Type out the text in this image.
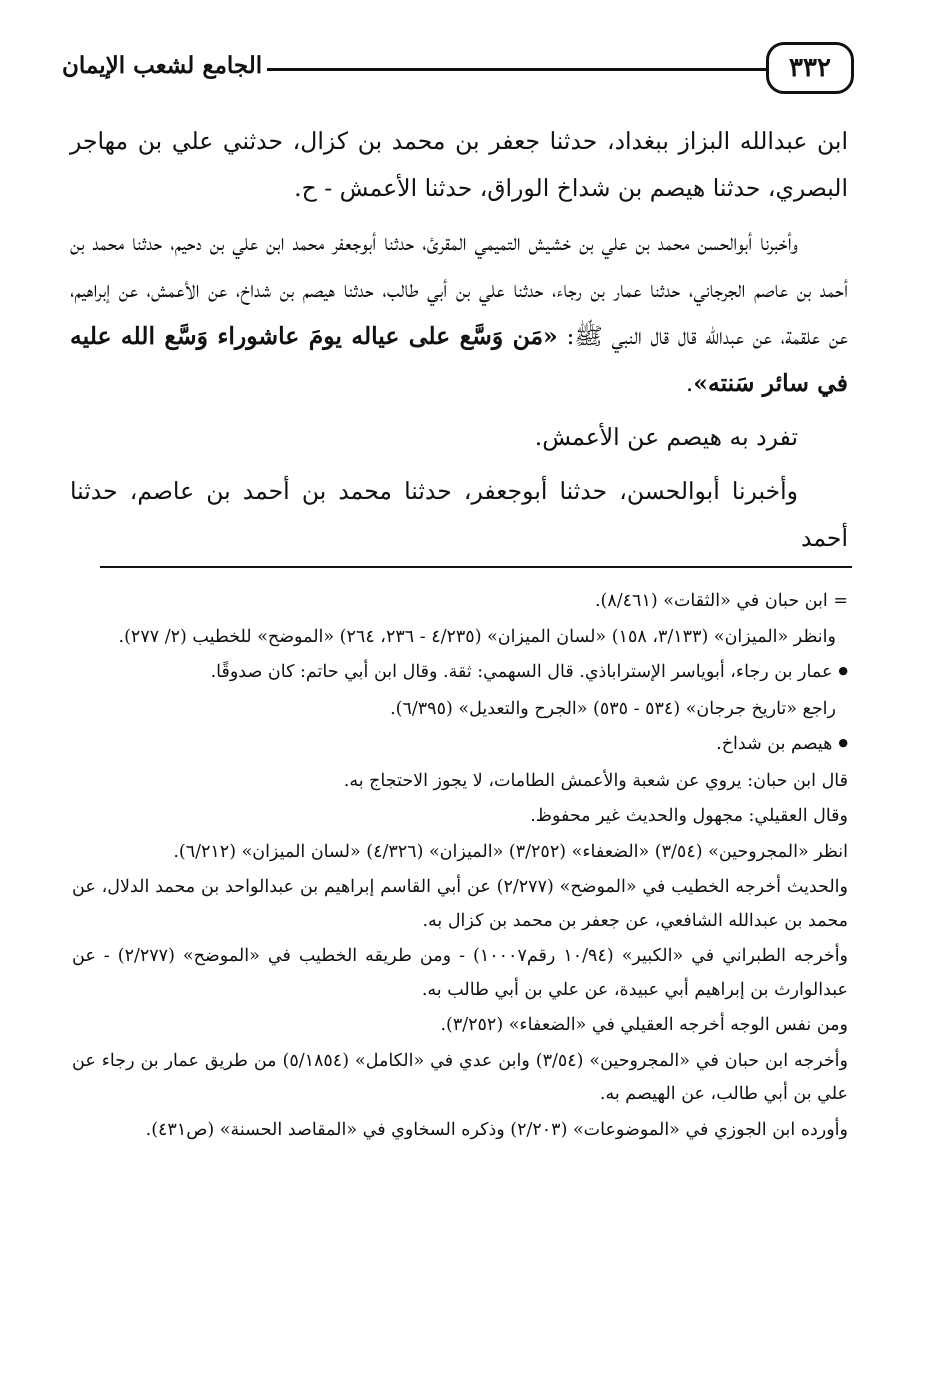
٣٣٢
الجامع لشعب الإيمان

ابن عبدالله البزاز ببغداد، حدثنا جعفر بن محمد بن كزال، حدثني علي بن مهاجر البصري، حدثنا هيصم بن شداخ الوراق، حدثنا الأعمش - ح.

وأخبرنا أبوالحسن محمد بن علي بن خشيش التميمي المقرئ، حدثنا أبوجعفر محمد ابن علي بن دحيم، حدثنا محمد بن أحمد بن عاصم الجرجاني، حدثنا عمار بن رجاء، حدثنا علي بن أبي طالب، حدثنا هيصم بن شداخ، عن الأعمش، عن إبراهيم، عن علقمة، عن عبدالله قال قال النبي ﷺ: «مَن وَسَّع على عياله يومَ عاشوراء وَسَّع الله عليه في سائر سَنته».

تفرد به هيصم عن الأعمش.

وأخبرنا أبوالحسن، حدثنا أبوجعفر، حدثنا محمد بن أحمد بن عاصم، حدثنا أحمد

= ابن حبان في «الثقات» (٨/٤٦١).

وانظر «الميزان» (٣/١٣٣، ١٥٨) «لسان الميزان» (٤/٢٣٥ - ٢٣٦، ٢٦٤) «الموضح» للخطيب (٢/ ٢٧٧).

● عمار بن رجاء، أبوياسر الإستراباذي. قال السهمي: ثقة. وقال ابن أبي حاتم: كان صدوقًا.

راجع «تاريخ جرجان» (٥٣٤ - ٥٣٥) «الجرح والتعديل» (٦/٣٩٥).

● هيصم بن شداخ.

قال ابن حبان: يروي عن شعبة والأعمش الطامات، لا يجوز الاحتجاج به.

وقال العقيلي: مجهول والحديث غير محفوظ.

انظر «المجروحين» (٣/٥٤) «الضعفاء» (٣/٢٥٢) «الميزان» (٤/٣٢٦) «لسان الميزان» (٦/٢١٢).

والحديث أخرجه الخطيب في «الموضح» (٢/٢٧٧) عن أبي القاسم إبراهيم بن عبدالواحد بن محمد الدلال، عن محمد بن عبدالله الشافعي، عن جعفر بن محمد بن كزال به.

وأخرجه الطبراني في «الكبير» (١٠/٩٤ رقم١٠٠٠٧) - ومن طريقه الخطيب في «الموضح» (٢/٢٧٧) - عن عبدالوارث بن إبراهيم أبي عبيدة، عن علي بن أبي طالب به.

ومن نفس الوجه أخرجه العقيلي في «الضعفاء» (٣/٢٥٢).

وأخرجه ابن حبان في «المجروحين» (٣/٥٤) وابن عدي في «الكامل» (٥/١٨٥٤) من طريق عمار بن رجاء عن علي بن أبي طالب، عن الهيصم به.

وأورده ابن الجوزي في «الموضوعات» (٢/٢٠٣) وذكره السخاوي في «المقاصد الحسنة» (ص٤٣١).
